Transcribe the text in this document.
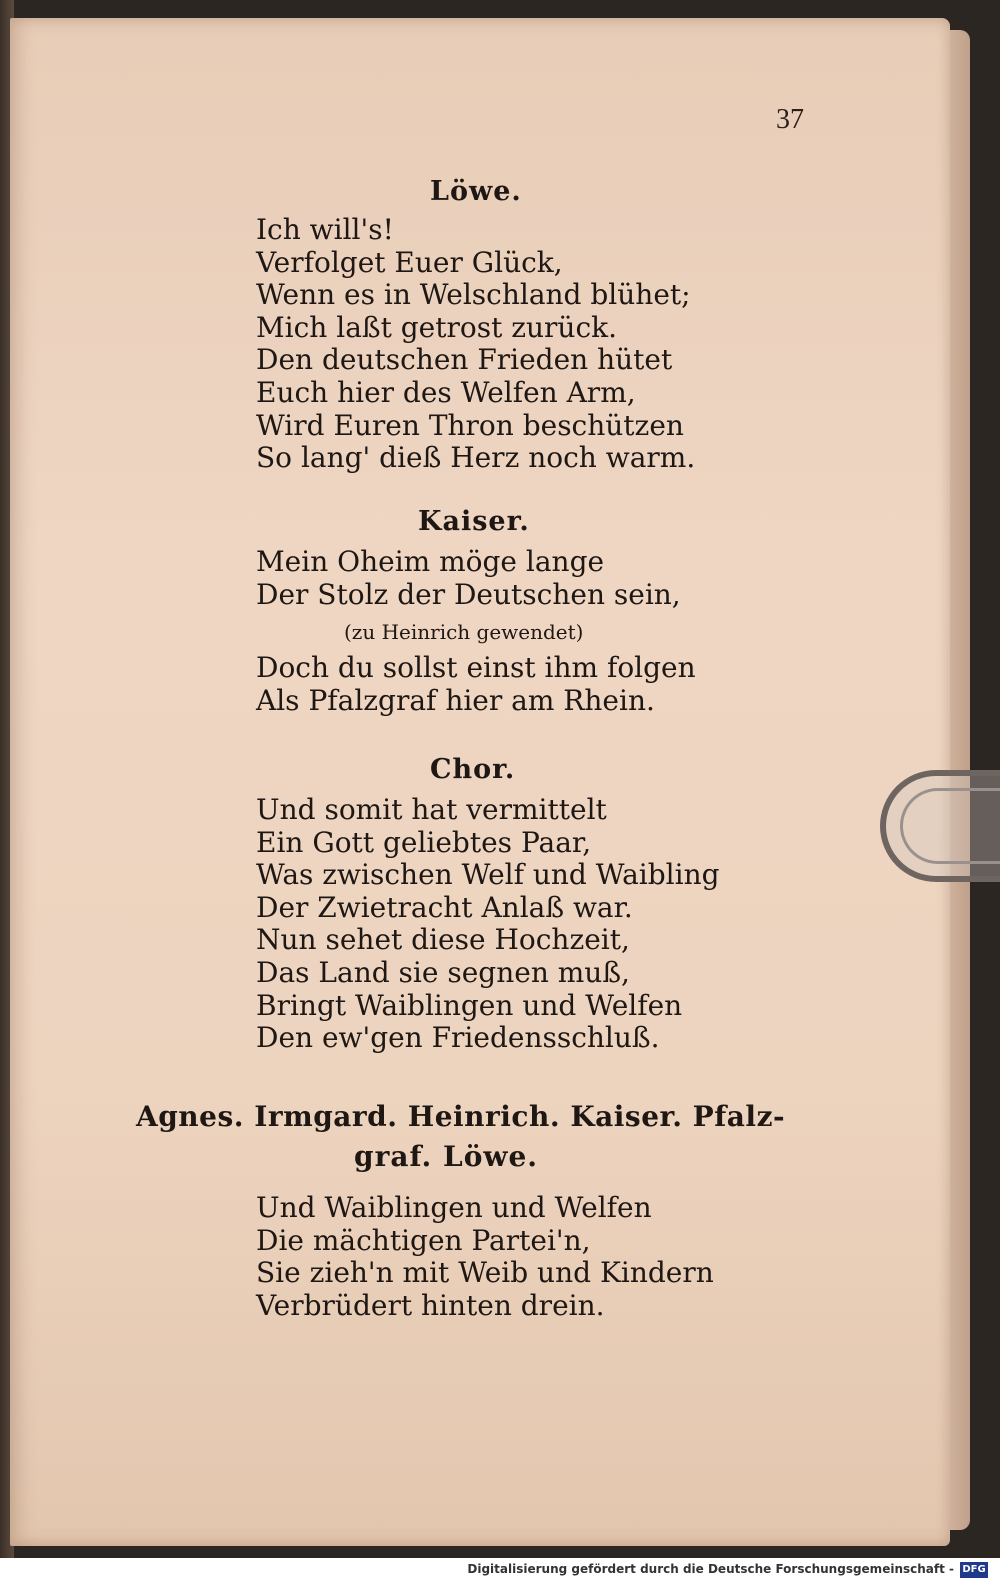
37
Löwe.
Ich will's!
Verfolget Euer Glück,
Wenn es in Welschland blühet;
Mich laßt getrost zurück.
Den deutschen Frieden hütet
Euch hier des Welfen Arm,
Wird Euren Thron beschützen
So lang' dieß Herz noch warm.
Kaiser.
Mein Oheim möge lange
Der Stolz der Deutschen sein,
(zu Heinrich gewendet)
Doch du sollst einst ihm folgen
Als Pfalzgraf hier am Rhein.
Chor.
Und somit hat vermittelt
Ein Gott geliebtes Paar,
Was zwischen Welf und Waibling
Der Zwietracht Anlaß war.
Nun sehet diese Hochzeit,
Das Land sie segnen muß,
Bringt Waiblingen und Welfen
Den ew'gen Friedensschluß.
Agnes. Irmgard. Heinrich. Kaiser. Pfalz-
graf. Löwe.
Und Waiblingen und Welfen
Die mächtigen Partei'n,
Sie zieh'n mit Weib und Kindern
Verbrüdert hinten drein.
Digitalisierung gefördert durch die Deutsche Forschungsgemeinschaft - DFG
